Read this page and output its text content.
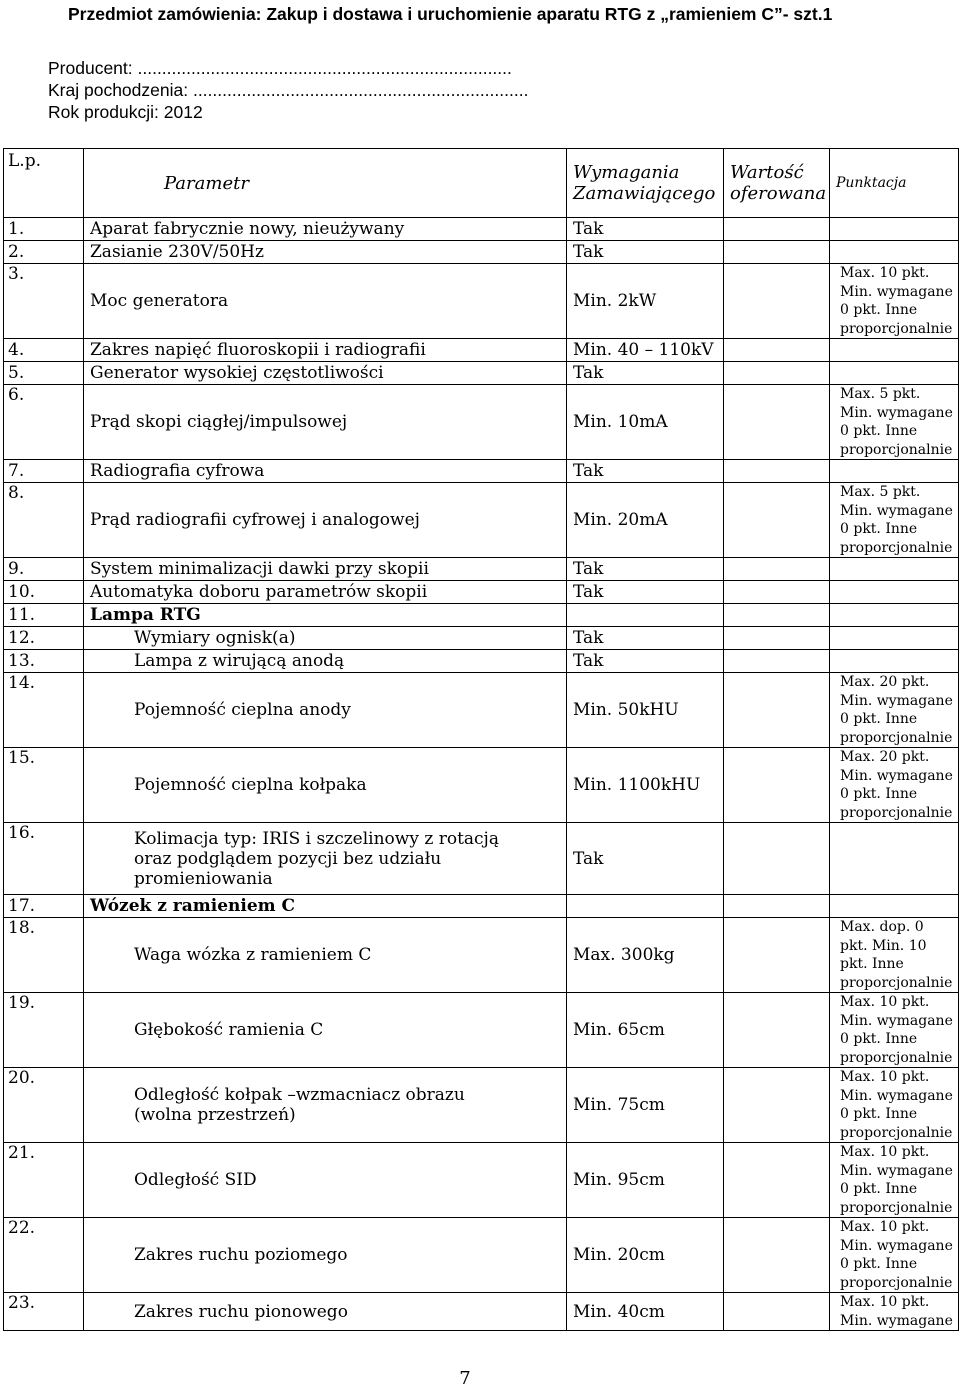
Przedmiot zamówienia: Zakup i dostawa i uruchomienie aparatu RTG z „ramieniem C”- szt.1
Producent: .............................................................................
Kraj pochodzenia: .....................................................................
Rok produkcji: 2012
L.p.	Parametr	Wymagania Zamawiającego	Wartość oferowana	Punktacja
1.	Aparat fabrycznie nowy, nieużywany	Tak		
2.	Zasianie 230V/50Hz	Tak		
3.	Moc generatora	Min. 2kW		Max. 10 pkt. Min. wymagane 0 pkt. Inne proporcjonalnie
4.	Zakres napięć fluoroskopii i radiografii	Min. 40 – 110kV		
5.	Generator wysokiej częstotliwości	Tak		
6.	Prąd skopi ciągłej/impulsowej	Min. 10mA		Max. 5 pkt. Min. wymagane 0 pkt. Inne proporcjonalnie
7.	Radiografia cyfrowa	Tak		
8.	Prąd radiografii cyfrowej i analogowej	Min. 20mA		Max. 5 pkt. Min. wymagane 0 pkt. Inne proporcjonalnie
9.	System minimalizacji dawki przy skopii	Tak		
10.	Automatyka doboru parametrów skopii	Tak		
11.	Lampa RTG			
12.	Wymiary ognisk(a)	Tak		
13.	Lampa z wirującą anodą	Tak		
14.	Pojemność cieplna anody	Min. 50kHU		Max. 20 pkt. Min. wymagane 0 pkt. Inne proporcjonalnie
15.	Pojemność cieplna kołpaka	Min. 1100kHU		Max. 20 pkt. Min. wymagane 0 pkt. Inne proporcjonalnie
16.	Kolimacja typ: IRIS i szczelinowy z rotacją oraz podglądem pozycji bez udziału promieniowania	Tak		
17.	Wózek z ramieniem C			
18.	Waga wózka z ramieniem C	Max. 300kg		Max. dop. 0 pkt. Min. 10 pkt. Inne proporcjonalnie
19.	Głębokość ramienia C	Min. 65cm		Max. 10 pkt. Min. wymagane 0 pkt. Inne proporcjonalnie
20.	Odległość kołpak –wzmacniacz obrazu (wolna przestrzeń)	Min. 75cm		Max. 10 pkt. Min. wymagane 0 pkt. Inne proporcjonalnie
21.	Odległość SID	Min. 95cm		Max. 10 pkt. Min. wymagane 0 pkt. Inne proporcjonalnie
22.	Zakres ruchu poziomego	Min. 20cm		Max. 10 pkt. Min. wymagane 0 pkt. Inne proporcjonalnie
23.	Zakres ruchu pionowego	Min. 40cm		Max. 10 pkt. Min. wymagane
7
